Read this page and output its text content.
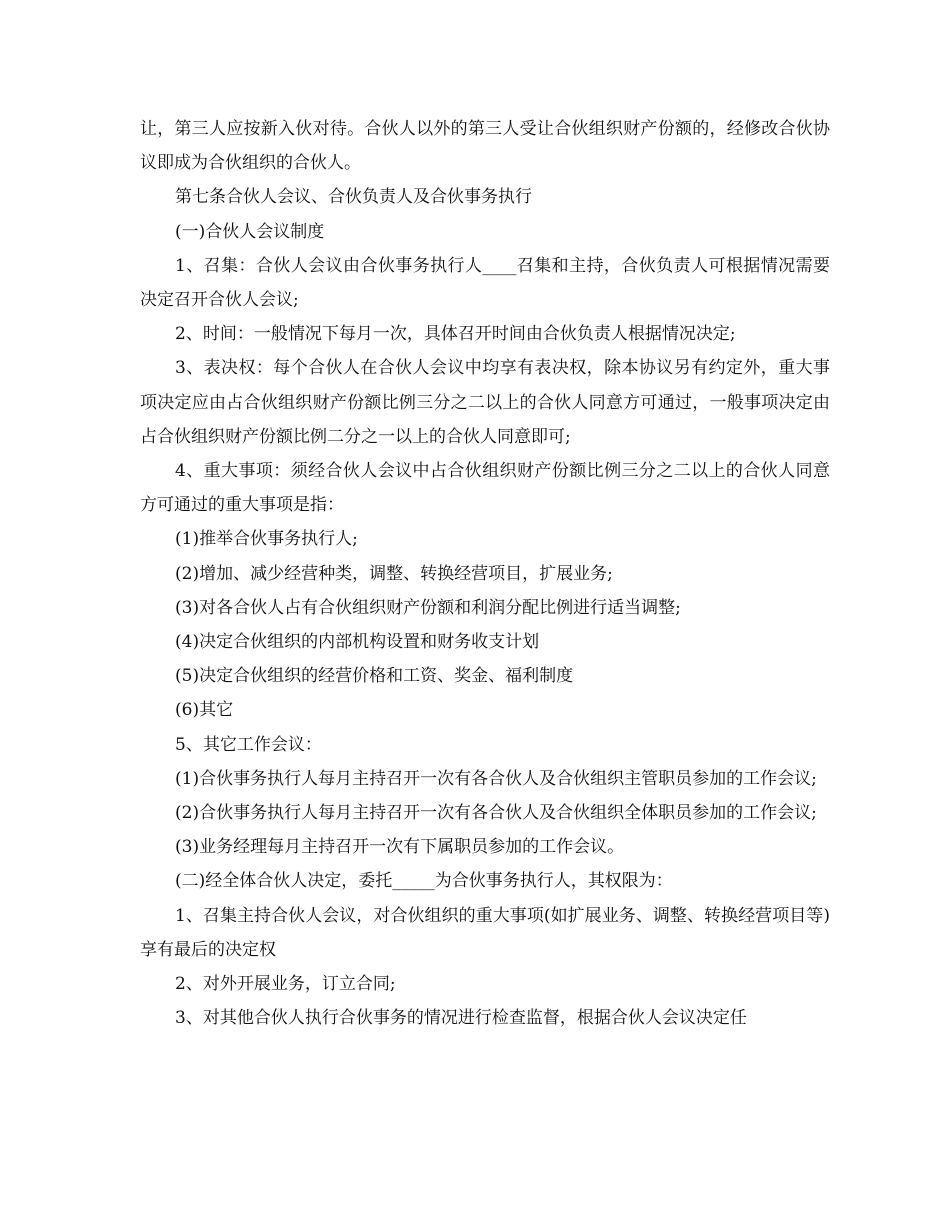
让，第三人应按新入伙对待。合伙人以外的第三人受让合伙组织财产份额的，经修改合伙协议即成为合伙组织的合伙人。

第七条合伙人会议、合伙负责人及合伙事务执行

(一)合伙人会议制度

1、召集：合伙人会议由合伙事务执行人____召集和主持，合伙负责人可根据情况需要决定召开合伙人会议;

2、时间：一般情况下每月一次，具体召开时间由合伙负责人根据情况决定;

3、表决权：每个合伙人在合伙人会议中均享有表决权，除本协议另有约定外，重大事项决定应由占合伙组织财产份额比例三分之二以上的合伙人同意方可通过，一般事项决定由占合伙组织财产份额比例二分之一以上的合伙人同意即可;

4、重大事项：须经合伙人会议中占合伙组织财产份额比例三分之二以上的合伙人同意方可通过的重大事项是指：

(1)推举合伙事务执行人;

(2)增加、减少经营种类，调整、转换经营项目，扩展业务;

(3)对各合伙人占有合伙组织财产份额和利润分配比例进行适当调整;

(4)决定合伙组织的内部机构设置和财务收支计划

(5)决定合伙组织的经营价格和工资、奖金、福利制度

(6)其它

5、其它工作会议：

(1)合伙事务执行人每月主持召开一次有各合伙人及合伙组织主管职员参加的工作会议;

(2)合伙事务执行人每月主持召开一次有各合伙人及合伙组织全体职员参加的工作会议;

(3)业务经理每月主持召开一次有下属职员参加的工作会议。

(二)经全体合伙人决定，委托_____为合伙事务执行人，其权限为：

1、召集主持合伙人会议，对合伙组织的重大事项(如扩展业务、调整、转换经营项目等)享有最后的决定权

2、对外开展业务，订立合同;

3、对其他合伙人执行合伙事务的情况进行检查监督，根据合伙人会议决定任
